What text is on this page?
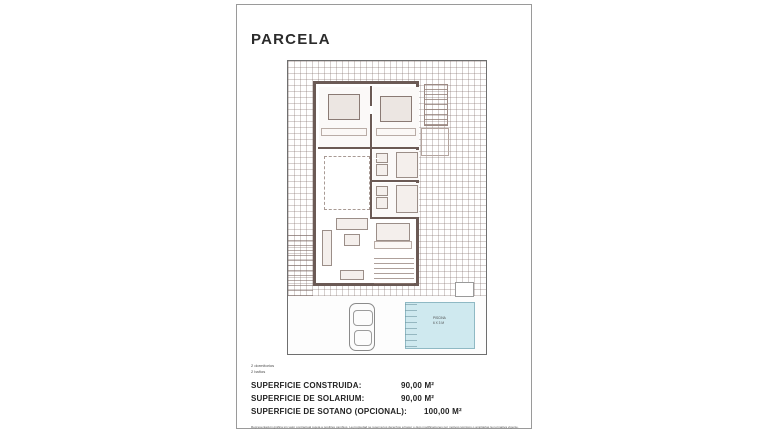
PARCELA
PISCINA
6 X 3 M
2 dormitorios
2 baños
SUPERFICIE CONSTRUIDA:	90,00 M²
SUPERFICIE DE SOLARIUM:	90,00 M²
SUPERFICIE DE SOTANO (OPCIONAL):	100,00 M²
Representación gráfica sin valor contractual sujeta a posibles cambios. La propiedad se reserva los derechos a hacer o dejo modificaciones por motivos técnicos o ampliarlas la normativa vigente.
